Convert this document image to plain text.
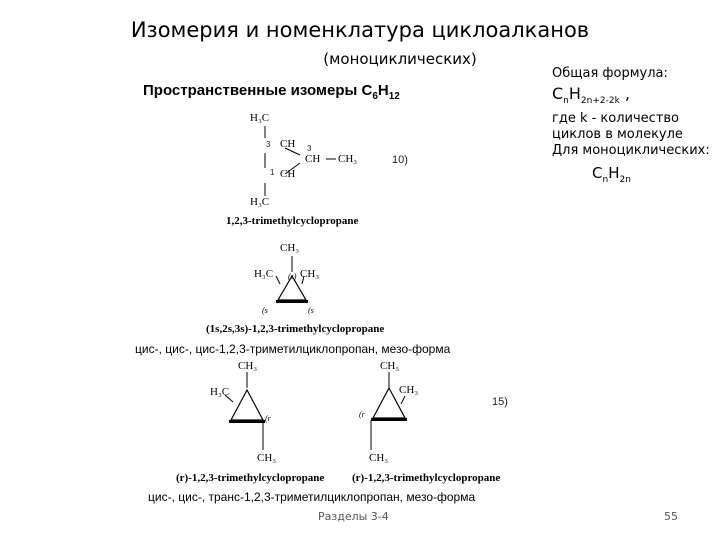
Изомерия и номенклатура циклоалканов
(моноциклических)
Пространственные изомеры $С_6Н_{12}$
Общая формула:
$C_nH_{2n+2-2k}$ ,
где k - количество циклов в молекуле Для моноциклических:
$C_nH_{2n}$
H₃C
3 CH 3
CH CH₃
1 CH
H₃C
10)
1,2,3-trimethylcyclopropane
CH₃
H₃C (s) CH₃
(s	(s
(1s,2s,3s)-1,2,3-trimethylcyclopropane
цис-, цис-, цис-1,2,3-триметилциклопропан, мезо-форма
CH₃
H₃C
(r
CH₃
(r)-1,2,3-trimethylcyclopropane
CH₃
CH₃
(r
CH₃
15)
(r)-1,2,3-trimethylcyclopropane
цис-, цис-, транс-1,2,3-триметилциклопропан, мезо-форма
Разделы 3-4	55
